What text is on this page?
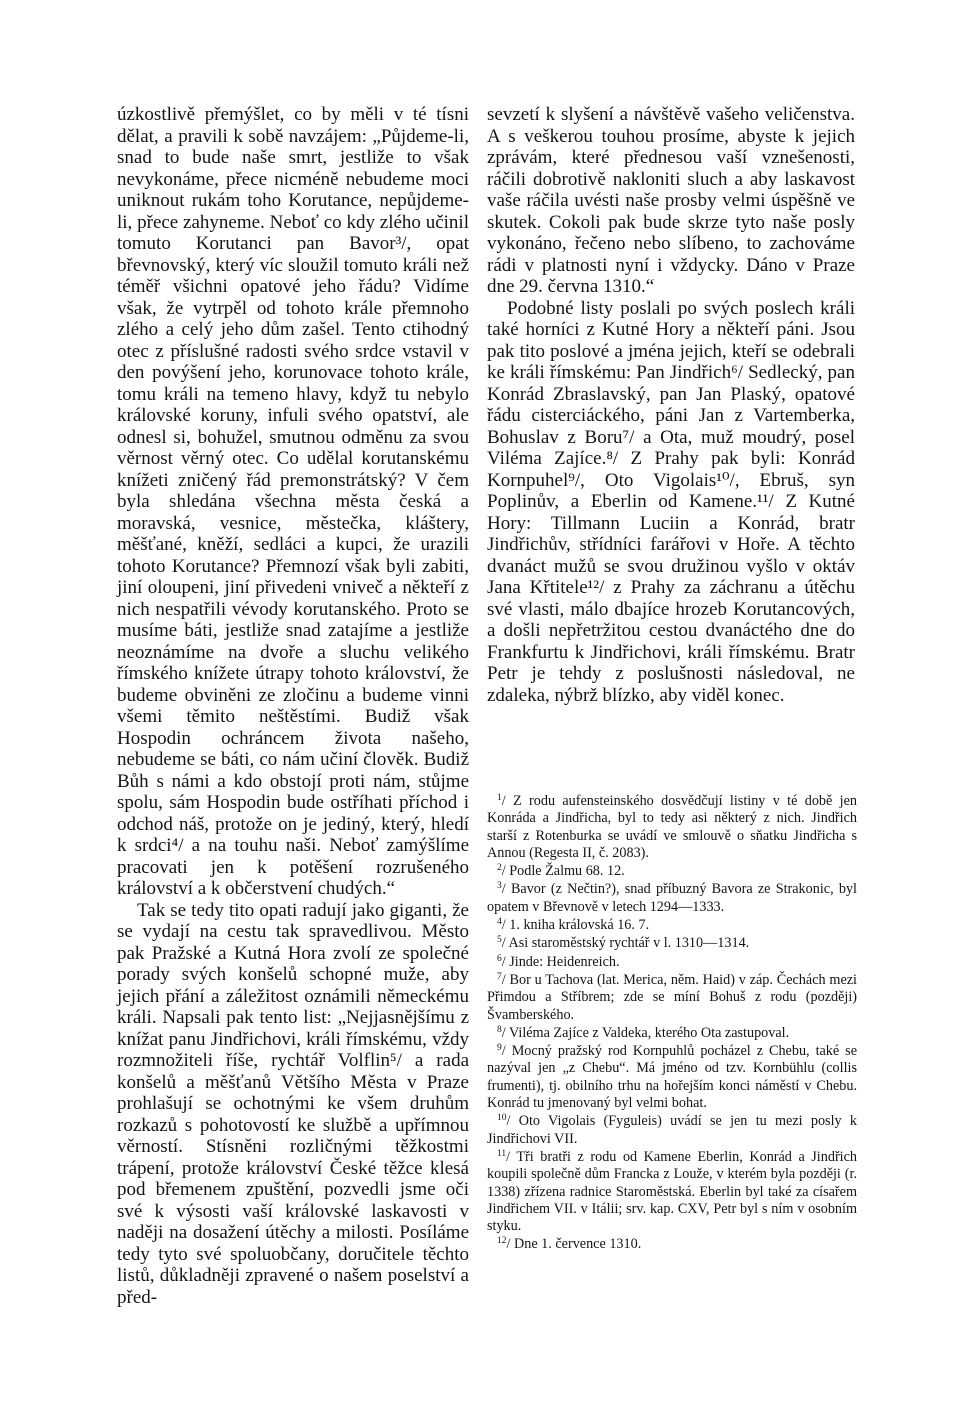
úzkostlivě přemýšlet, co by měli v té tísni dělat, a pravili k sobě navzájem: „Půjdeme-li, snad to bude naše smrt, jestliže to však nevykonáme, přece nicméně nebudeme moci uniknout rukám toho Korutance, nepůjdeme-li, přece zahyneme. Neboť co kdy zlého učinil tomuto Korutanci pan Bavor³/, opat břevnovský, který víc sloužil tomuto králi než téměř všichni opatové jeho řádu? Vidíme však, že vytrpěl od tohoto krále přemnoho zlého a celý jeho dům zašel. Tento ctihodný otec z příslušné radosti svého srdce vstavil v den povýšení jeho, korunovace tohoto krále, tomu králi na temeno hlavy, když tu nebylo královské koruny, infuli svého opatství, ale odnesl si, bohužel, smutnou odměnu za svou věrnost věrný otec. Co udělal korutanskému knížeti zničený řád premonstrátský? V čem byla shledána všechna města česká a moravská, vesnice, městečka, kláštery, měšťané, kněží, sedláci a kupci, že urazili tohoto Korutance? Přemnozí však byli zabiti, jiní oloupeni, jiní přivedeni vniveč a někteří z nich nespatřili vévody korutanského. Proto se musíme báti, jestliže snad zatajíme a jestliže neoznámíme na dvoře a sluchu velikého římského knížete útrapy tohoto království, že budeme obviněni ze zločinu a budeme vinni všemi těmito neštěstími. Budiž však Hospodin ochráncem života našeho, nebudeme se báti, co nám učiní člověk. Budiž Bůh s námi a kdo obstojí proti nám, stůjme spolu, sám Hospodin bude ostříhati příchod i odchod náš, protože on je jediný, který, hledí k srdci⁴/ a na touhu naši. Neboť zamýšlíme pracovati jen k potěšení rozrušeného království a k občerstvení chudých.“

Tak se tedy tito opati radují jako giganti, že se vydají na cestu tak spravedlivou. Město pak Pražské a Kutná Hora zvolí ze společné porady svých konšelů schopné muže, aby jejich přání a záležitost oznámili německému králi. Napsali pak tento list: „Nejjasnějšímu z knížat panu Jindřichovi, králi římskému, vždy rozmnožiteli říše, rychtář Volflin⁵/ a rada konšelů a měšťanů Většího Města v Praze prohlašují se ochotnými ke všem druhům rozkazů s pohotovostí ke službě a upřímnou věrností. Stísněni rozličnými těžkostmi trápení, protože království České těžce klesá pod břemenem zpuštění, pozvedli jsme oči své k výsosti vaší královské laskavosti v naději na dosažení útěchy a milosti. Posíláme tedy tyto své spoluobčany, doručitele těchto listů, důkladněji zpravené o našem poselství a před-

sevzetí k slyšení a návštěvě vašeho veličenstva. A s veškerou touhou prosíme, abyste k jejich zprávám, které přednesou vaší vznešenosti, ráčili dobrotivě nakloniti sluch a aby laskavost vaše ráčila uvésti naše prosby velmi úspěšně ve skutek. Cokoli pak bude skrze tyto naše posly vykonáno, řečeno nebo slíbeno, to zachováme rádi v platnosti nyní i vždycky. Dáno v Praze dne 29. června 1310.“

Podobné listy poslali po svých poslech králi také horníci z Kutné Hory a někteří páni. Jsou pak tito poslové a jména jejich, kteří se odebrali ke králi římskému: Pan Jindřich⁶/ Sedlecký, pan Konrád Zbraslavský, pan Jan Plaský, opatové řádu cisterciáckého, páni Jan z Vartemberka, Bohuslav z Boru⁷/ a Ota, muž moudrý, posel Viléma Zajíce.⁸/ Z Prahy pak byli: Konrád Kornpuhel⁹/, Oto Vigolais¹⁰/, Ebruš, syn Poplinův, a Eberlin od Kamene.¹¹/ Z Kutné Hory: Tillmann Luciin a Konrád, bratr Jindřichův, střídníci farářovi v Hoře. A těchto dvanáct mužů se svou družinou vyšlo v oktáv Jana Křtitele¹²/ z Prahy za záchranu a útěchu své vlasti, málo dbajíce hrozeb Korutancových, a došli nepřetržitou cestou dvanáctého dne do Frankfurtu k Jindřichovi, králi římskému. Bratr Petr je tehdy z poslušnosti následoval, ne zdaleka, nýbrž blízko, aby viděl konec.

$^1$/ Z rodu aufensteinského dosvědčují listiny v té době jen Konráda a Jindřicha, byl to tedy asi některý z nich. Jindřich starší z Rotenburka se uvádí ve smlouvě o sňatku Jindřicha s Annou (Regesta II, č. 2083).

$^2$/ Podle Žalmu 68. 12.

$^3$/ Bavor (z Nečtin?), snad příbuzný Bavora ze Strakonic, byl opatem v Břevnově v letech 1294—1333.

$^4$/ 1. kniha královská 16. 7.

$^5$/ Asi staroměstský rychtář v l. 1310—1314.

$^6$/ Jinde: Heidenreich.

$^7$/ Bor u Tachova (lat. Merica, něm. Haid) v záp. Čechách mezi Přimdou a Stříbrem; zde se míní Bohuš z rodu (později) Švamberského.

$^8$/ Viléma Zajíce z Valdeka, kterého Ota zastupoval.

$^9$/ Mocný pražský rod Kornpuhlů pocházel z Chebu, také se nazýval jen „z Chebu“. Má jméno od tzv. Kornbühlu (collis frumenti), tj. obilního trhu na hořejším konci náměstí v Chebu. Konrád tu jmenovaný byl velmi bohat.

$^{10}$/ Oto Vigolais (Fyguleis) uvádí se jen tu mezi posly k Jindřichovi VII.

$^{11}$/ Tři bratři z rodu od Kamene Eberlin, Konrád a Jindřich koupili společně dům Francka z Louže, v kterém byla později (r. 1338) zřízena radnice Staroměstská. Eberlin byl také za císařem Jindřichem VII. v Itálii; srv. kap. CXV, Petr byl s ním v osobním styku.

$^{12}$/ Dne 1. července 1310.
